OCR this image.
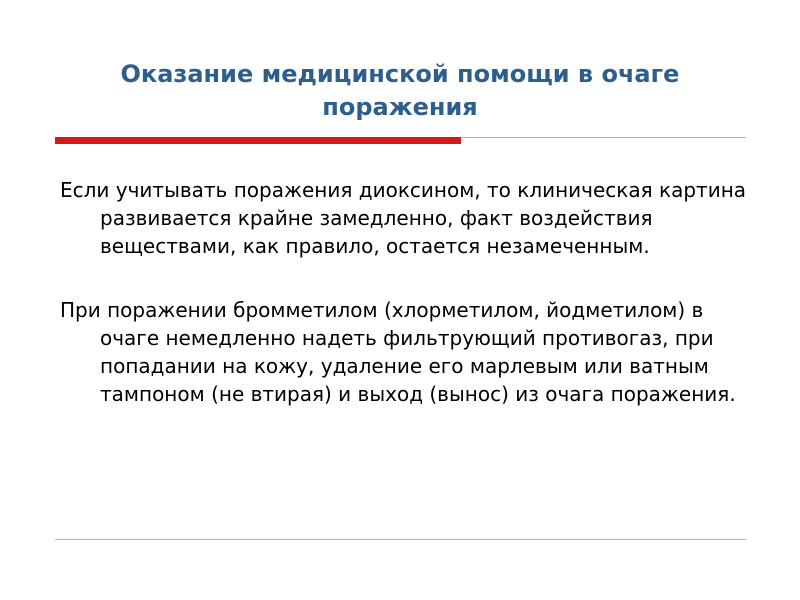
Оказание медицинской помощи в очаге поражения

Если учитывать поражения диоксином, то клиническая картина развивается крайне замедленно, факт воздействия веществами, как правило, остается незамеченным.

При поражении бромметилом (хлорметилом, йодметилом) в очаге немедленно надеть фильтрующий противогаз, при попадании на кожу, удаление его марлевым или ватным тампоном (не втирая) и выход (вынос) из очага поражения.
